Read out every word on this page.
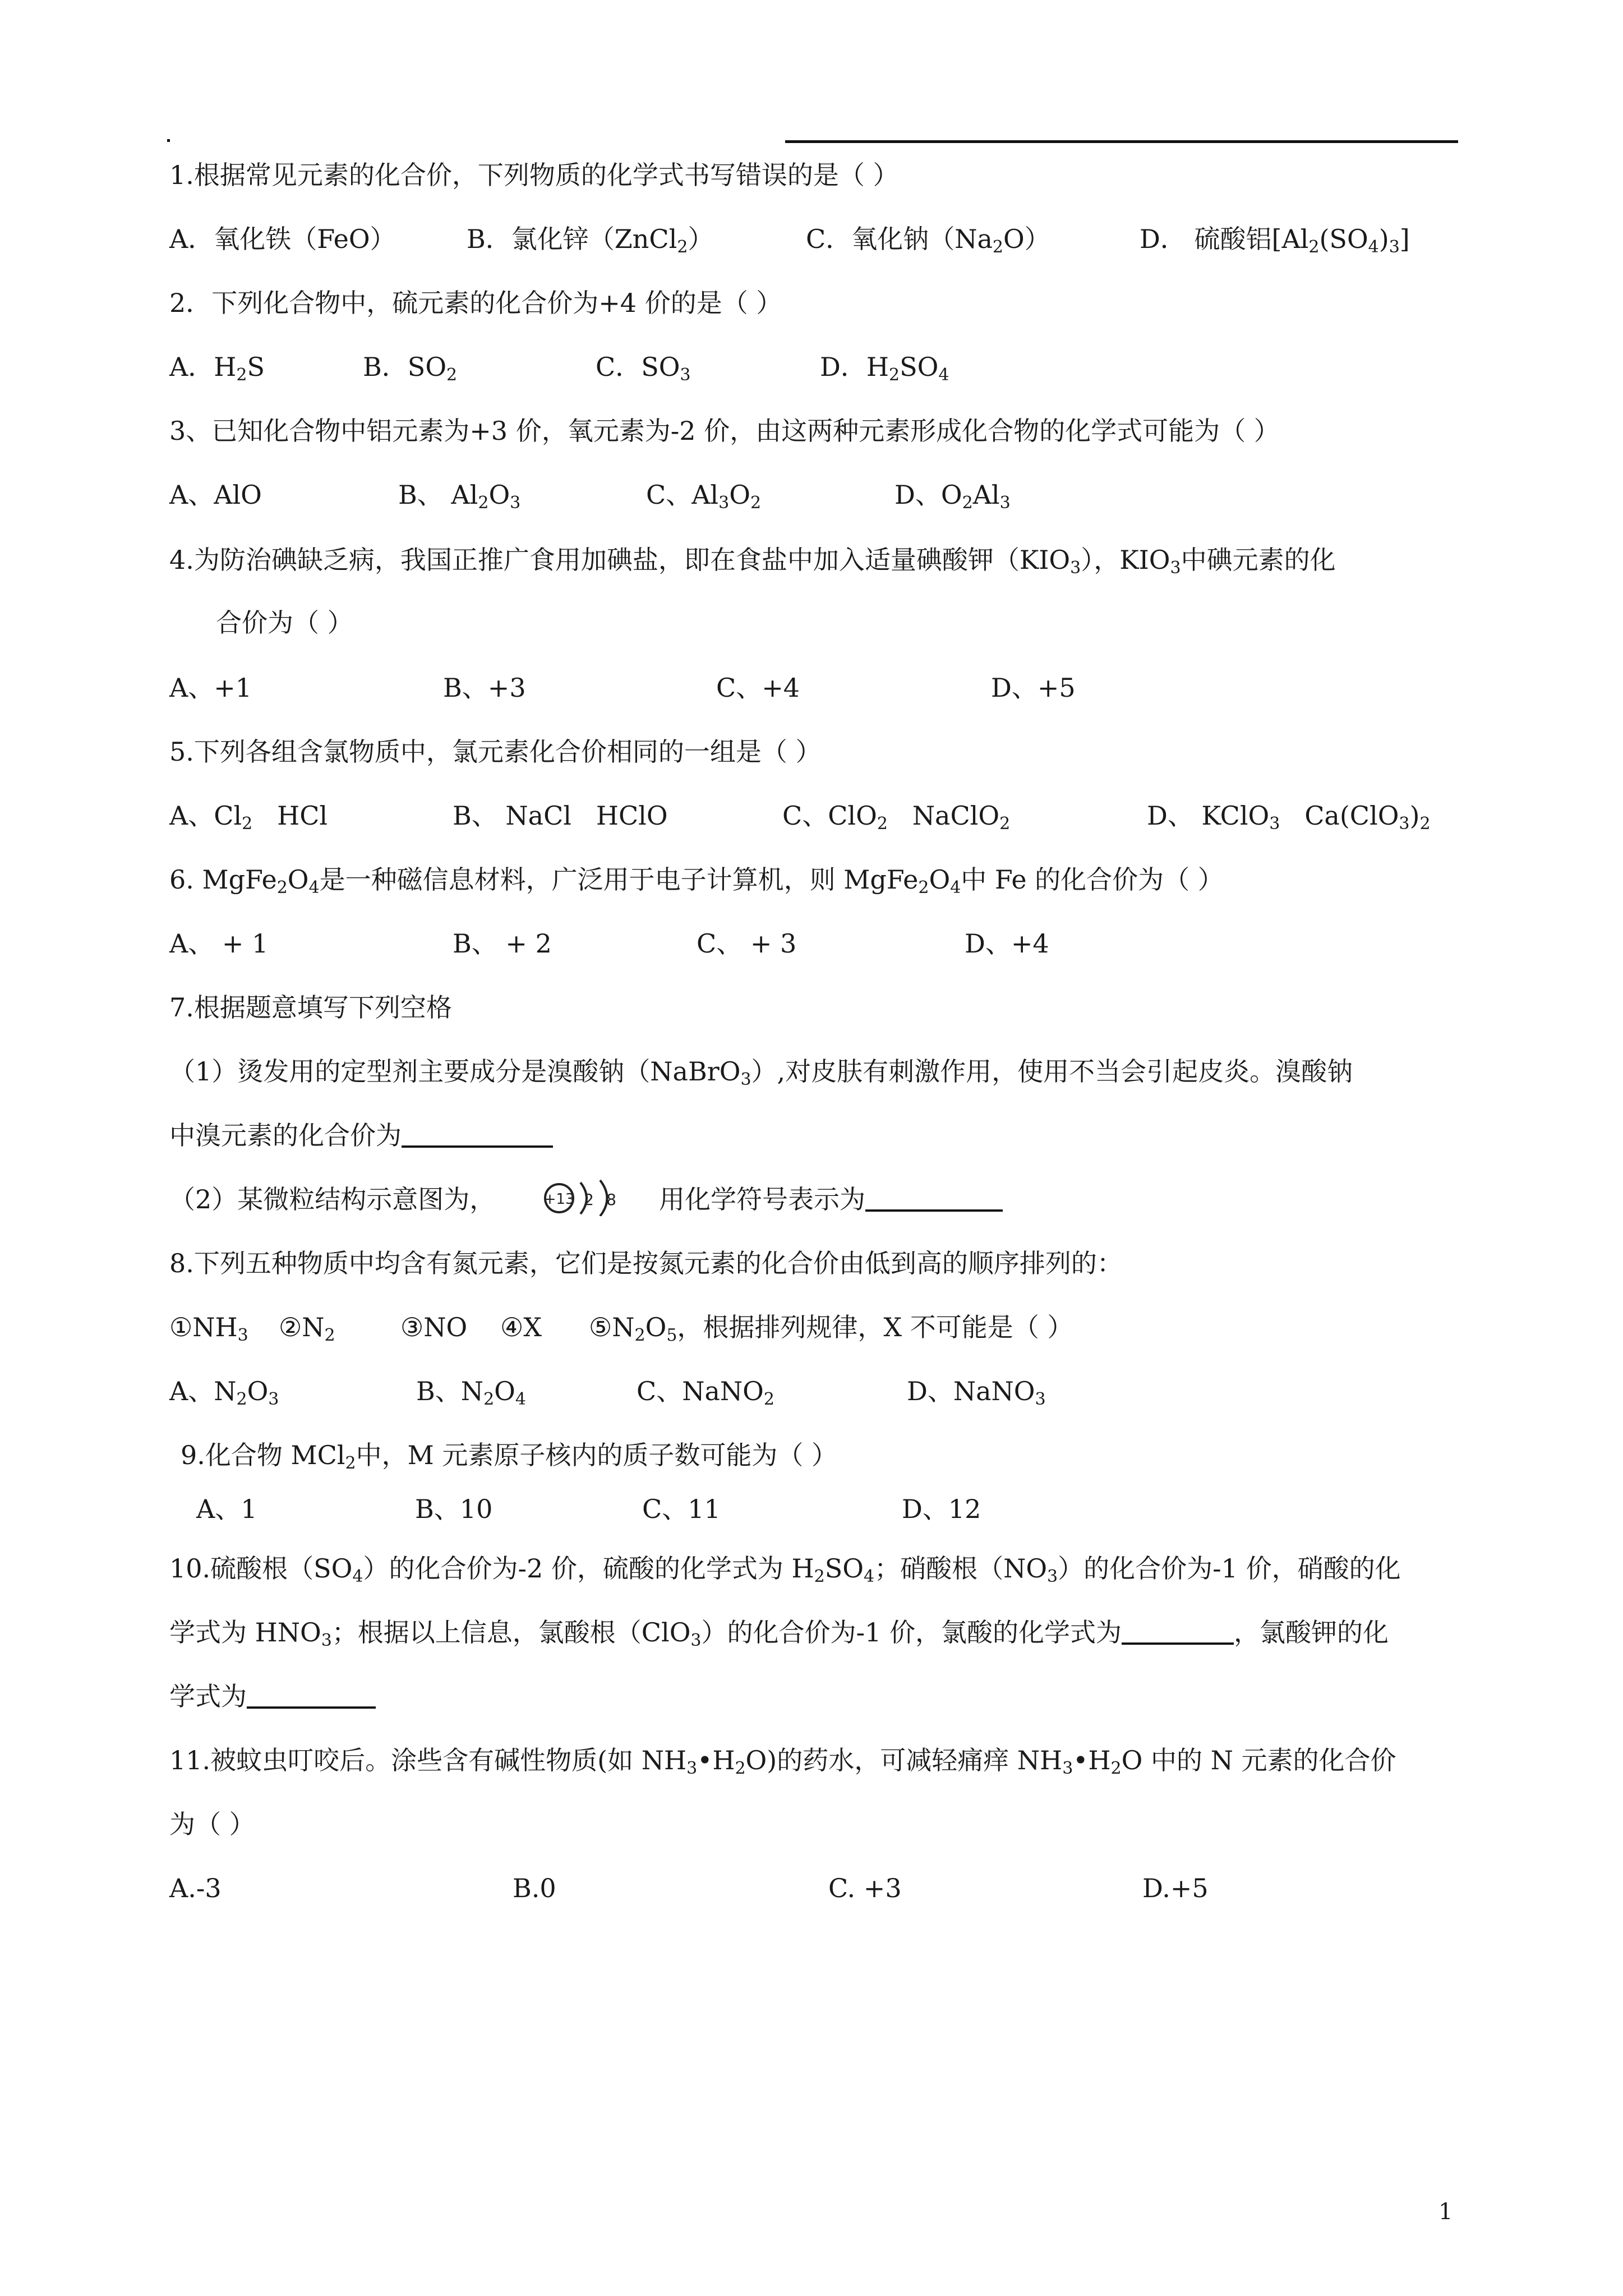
1.根据常见元素的化合价，下列物质的化学式书写错误的是（ ）
A．氧化铁（FeO）	B．氯化锌（ZnCl$_2$）	C．氧化钠$(Na_2O)$	D． 硫酸铝$[Al_2(SO_4)_3]$
2．下列化合物中，硫元素的化合价为+4 价的是（ ）
A．$H_2S$	B．$SO_2$	C．$SO_3$	D．$H_2SO_4$
3、已知化合物中铝元素为+3 价，氧元素为-2 价，由这两种元素形成化合物的化学式可能为（ ）
A、AlO	B、 $Al_2O_3$	C、$Al_3O_2$	D、$O_2Al_3$
4.为防治碘缺乏病，我国正推广食用加碘盐，即在食盐中加入适量碘酸钾$(KIO_3)$，$KIO_3$中碘元素的化
合价为（ ）
A、+1	B、+3	C、+4	D、+5
5.下列各组含氯物质中，氯元素化合价相同的一组是（ ）
A、$Cl_2$   HCl	B、 NaCl   HClO	C、ClO$_2$   NaClO$_2$	D、 KClO$_3$   $Ca(ClO_3)_2$
6. $MgFe_2O_4$是一种磁信息材料，广泛用于电子计算机，则 $MgFe_2O_4$中 Fe 的化合价为（ ）
A、 + 1	B、 + 2	C、 + 3	D、+4
7.根据题意填写下列空格
（1）烫发用的定型剂主要成分是溴酸钠（NaBrO$_3$）,对皮肤有刺激作用，使用不当会引起皮炎。溴酸钠
中溴元素的化合价为
（2）某微粒结构示意图为，	+13 2 8 用化学符号表示为
8.下列五种物质中均含有氮元素，它们是按氮元素的化合价由低到高的顺序排列的：
$①NH_3$ $②N_2$	③NO ④X $⑤N_2O_5$，根据排列规律，X 不可能是（ ）
A、$N_2O_3$	B、$N_2O_4$	C、NaNO$_2$	D、NaNO$_3$
9.化合物 MCl$_2$中，M 元素原子核内的质子数可能为（ ）
A、1	B、10	C、11	D、12
10.硫酸根$(SO_4)$的化合价为-2 价，硫酸的化学式为 $H_2SO_4$；硝酸根$(NO_3)$的化合价为-1 价，硝酸的化
学式为 $HNO_3$；根据以上信息，氯酸根（ClO$_3$）的化合价为-1 价，氯酸的化学式为	，氯酸钾的化
学式为
11.被蚊虫叮咬后。涂些含有碱性物质(如 $NH_3•H_2O$)的药水，可减轻痛痒 $NH_3•H_2O$ 中的 N 元素的化合价
为（ ）
A.-3	B.0	C. +3	D.+5
1
